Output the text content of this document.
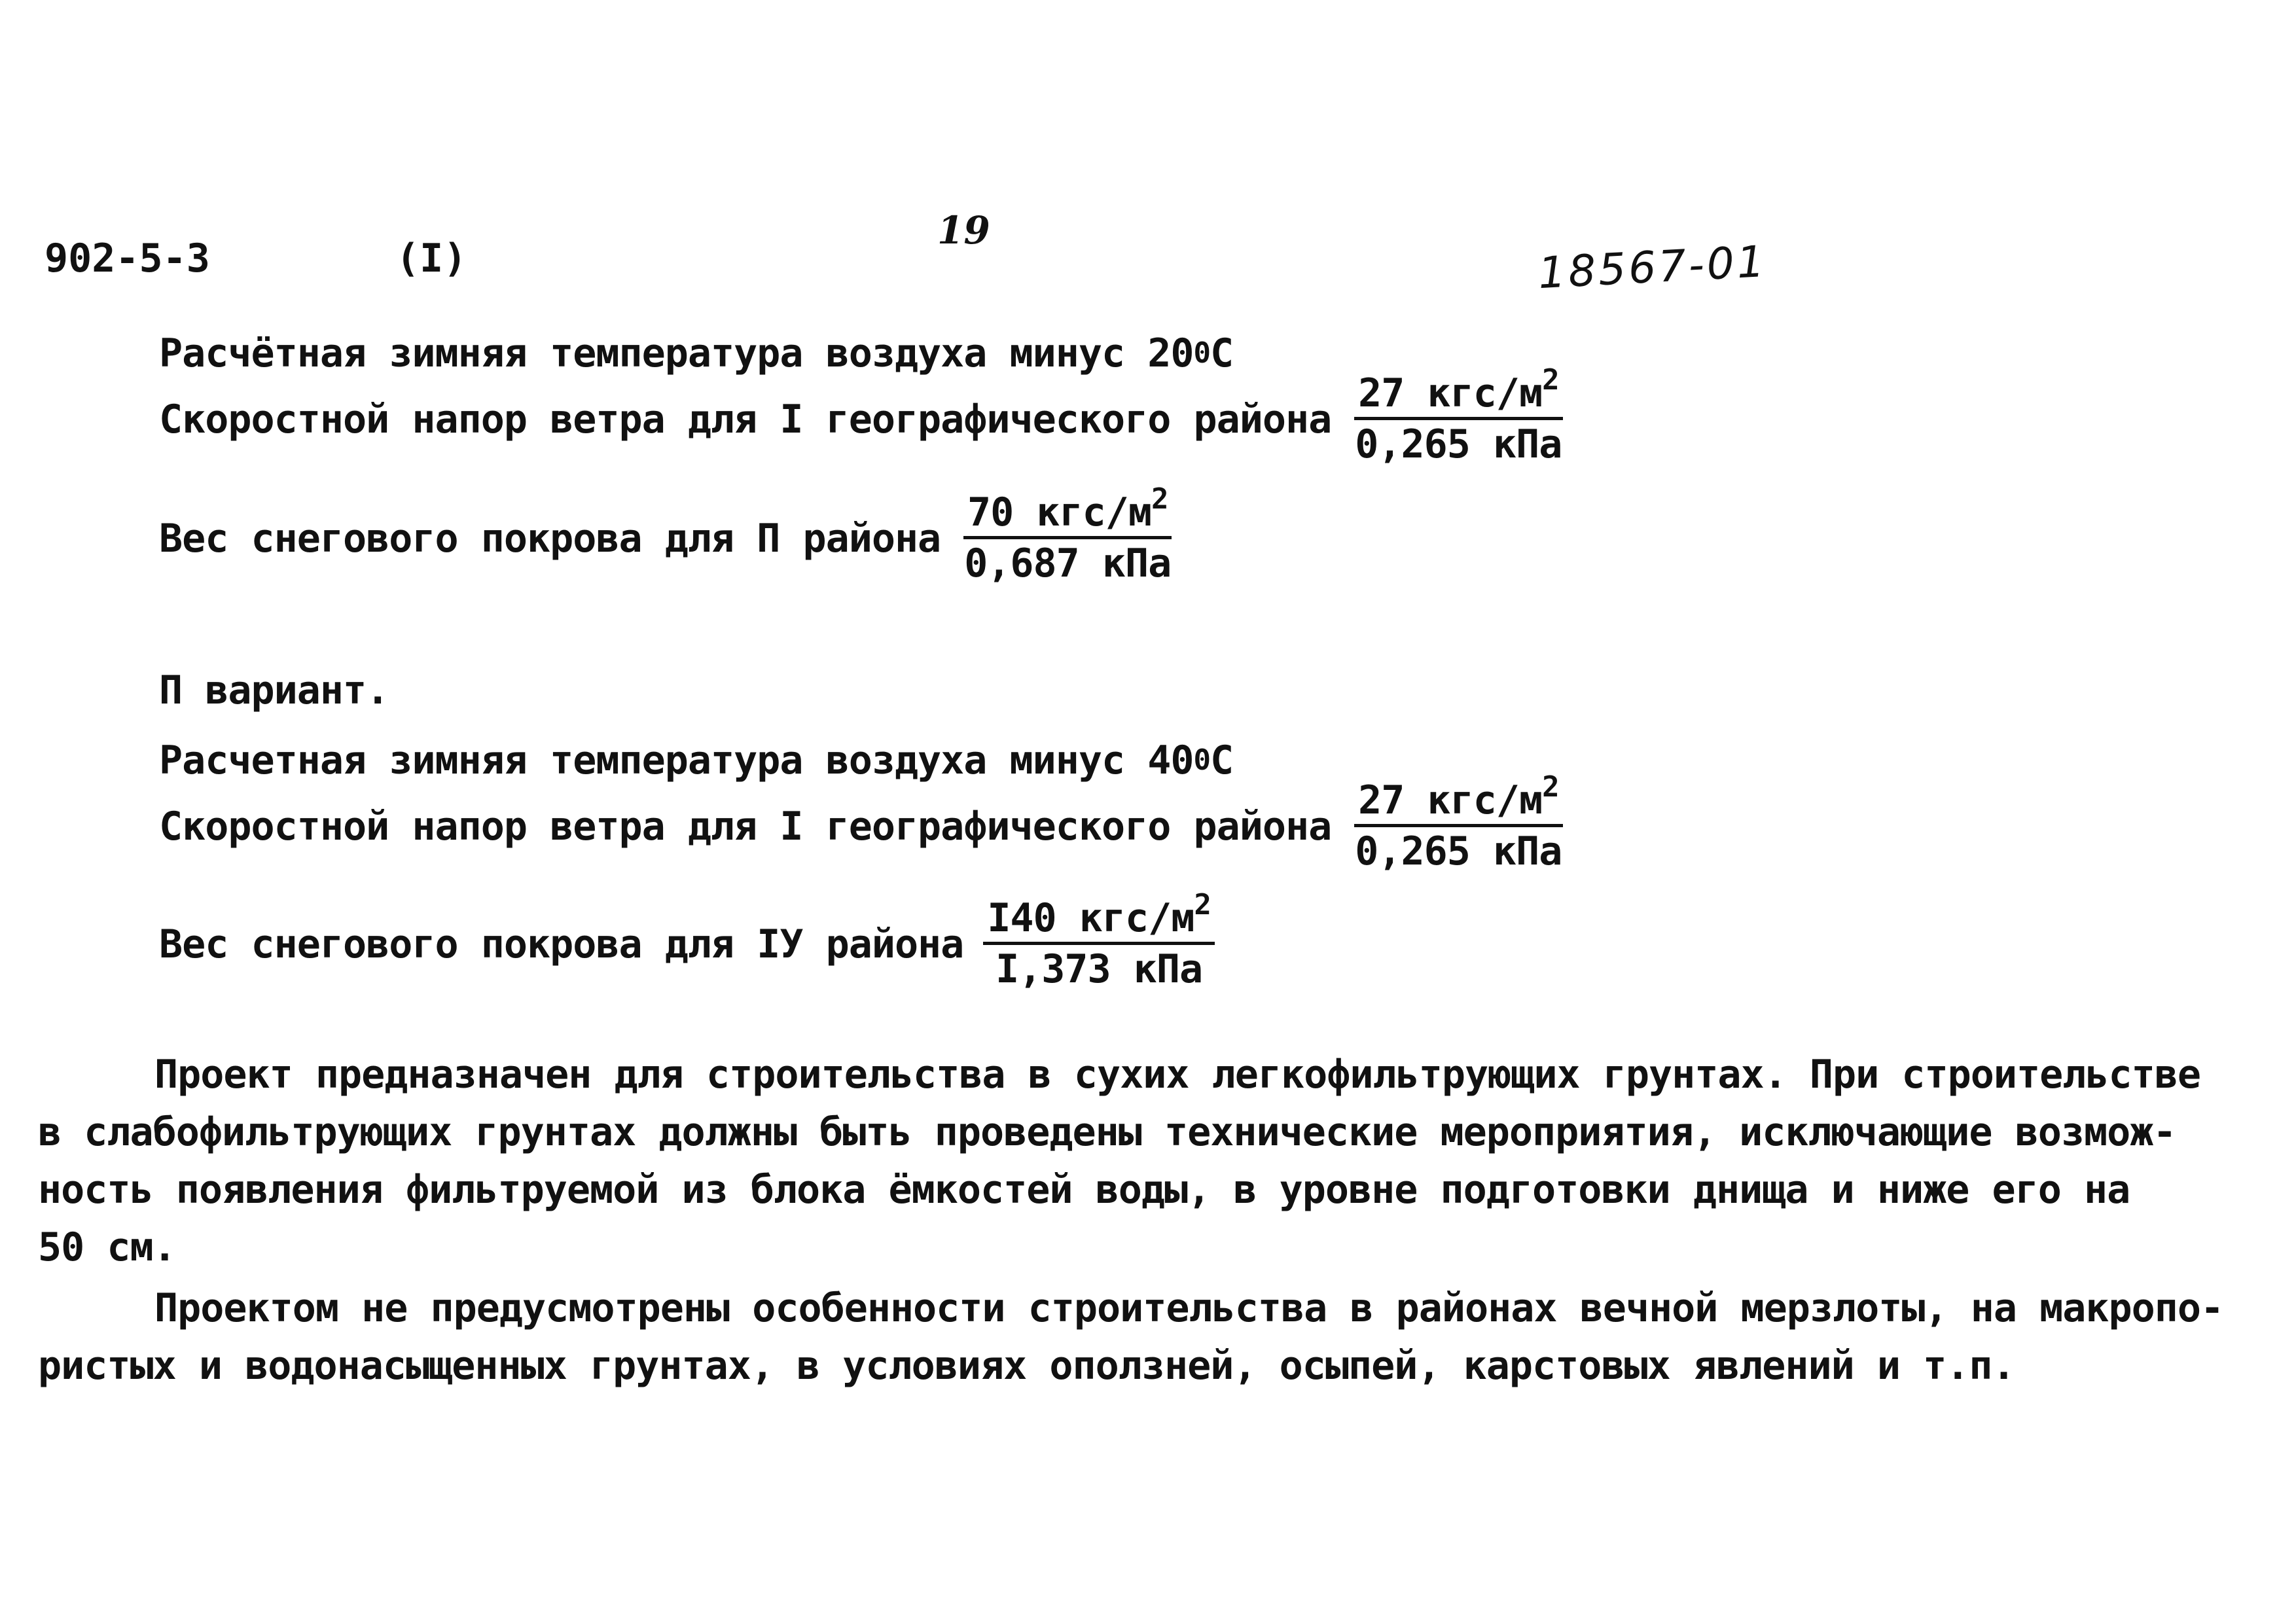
902-5-3	(I)
19
18567-01
Расчётная зимняя температура воздуха минус 20 0 С
Скоростной напор ветра для I географического района $\frac{27 кгс/м^2}{\text{0,265 кПа}}$
Вес снегового покрова для П района $\frac{70 кгс/м^2}{\text{0,687 кПа}}$
П вариант.
Расчетная зимняя температура воздуха минус 40 0 С
Скоростной напор ветра для I географического района $\frac{27 кгс/м^2}{\text{0,265 кПа}}$
Вес снегового покрова для IУ района $\frac{I40 кгс/м^2}{\text{I,373 кПа}}$
Проект предназначен для строительства в сухих легкофильтрующих грунтах. При строительстве
в слабофильтрующих грунтах должны быть проведены технические мероприятия, исключающие возмож-
ность появления фильтруемой из блока ёмкостей воды, в уровне подготовки днища и ниже его на
50 см.
Проектом не предусмотрены особенности строительства в районах вечной мерзлоты, на макропо-
ристых и водонасыщенных грунтах, в условиях оползней, осыпей, карстовых явлений и т.п.
